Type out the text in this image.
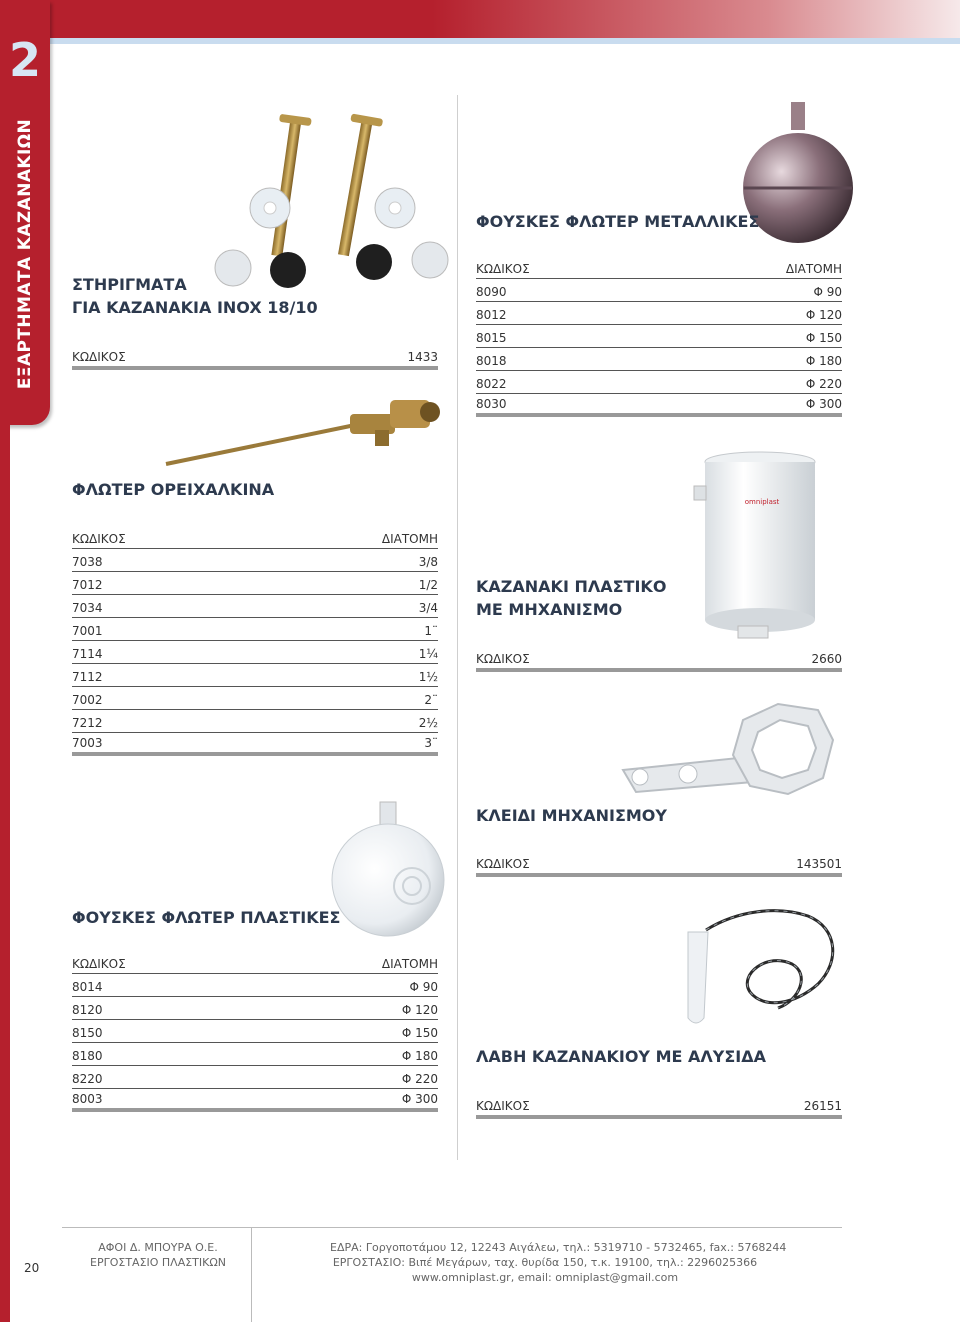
2
ΕΞΑΡΤΗΜΑΤΑ ΚΑΖΑΝΑΚΙΩΝ ΣΤΗΡΙΓΜΑΤΑ
ΓΙΑ ΚΑΖΑΝΑΚΙΑ INOX 18/10
ΚΩΔΙΚΟΣ	1433
ΦΟΥΣΚΕΣ ΦΛΩΤΕΡ ΜΕΤΑΛΛΙΚΕΣ
ΚΩΔΙΚΟΣ	ΔΙΑΤΟΜΗ
8090	Φ 90
8012	Φ 120
8015	Φ 150
8018	Φ 180
8022	Φ 220
8030	Φ 300
ΦΛΩΤΕΡ ΟΡΕΙΧΑΛΚΙΝΑ
ΚΩΔΙΚΟΣ	ΔΙΑΤΟΜΗ
7038	3/8
7012	1/2
7034	3/4
7001	1¨
7114	1¼
7112	1½
7002	2¨
7212	2½
7003	3¨
omniplast
ΚΑΖΑΝΑΚΙ ΠΛΑΣΤΙΚΟ
ΜΕ ΜΗΧΑΝΙΣΜΟ
ΚΩΔΙΚΟΣ	2660
ΚΛΕΙΔΙ ΜΗΧΑΝΙΣΜΟΥ
ΚΩΔΙΚΟΣ	143501
ΦΟΥΣΚΕΣ ΦΛΩΤΕΡ ΠΛΑΣΤΙΚΕΣ
ΚΩΔΙΚΟΣ	ΔΙΑΤΟΜΗ
8014	Φ 90
8120	Φ 120
8150	Φ 150
8180	Φ 180
8220	Φ 220
8003	Φ 300
ΛΑΒΗ ΚΑΖΑΝΑΚΙΟΥ ΜΕ ΑΛΥΣΙΔΑ
ΚΩΔΙΚΟΣ	26151
20
ΑΦΟΙ Δ. ΜΠΟΥΡΑ Ο.Ε.
ΕΡΓΟΣΤΑΣΙΟ ΠΛΑΣΤΙΚΩΝ
ΕΔΡΑ: Γοργοποτάμου 12, 12243 Αιγάλεω, τηλ.: 5319710 - 5732465, fax.: 5768244
ΕΡΓΟΣΤΑΣΙΟ: Βιπέ Μεγάρων, ταχ. θυρίδα 150, τ.κ. 19100, τηλ.: 2296025366
www.omniplast.gr, email: omniplast@gmail.com
